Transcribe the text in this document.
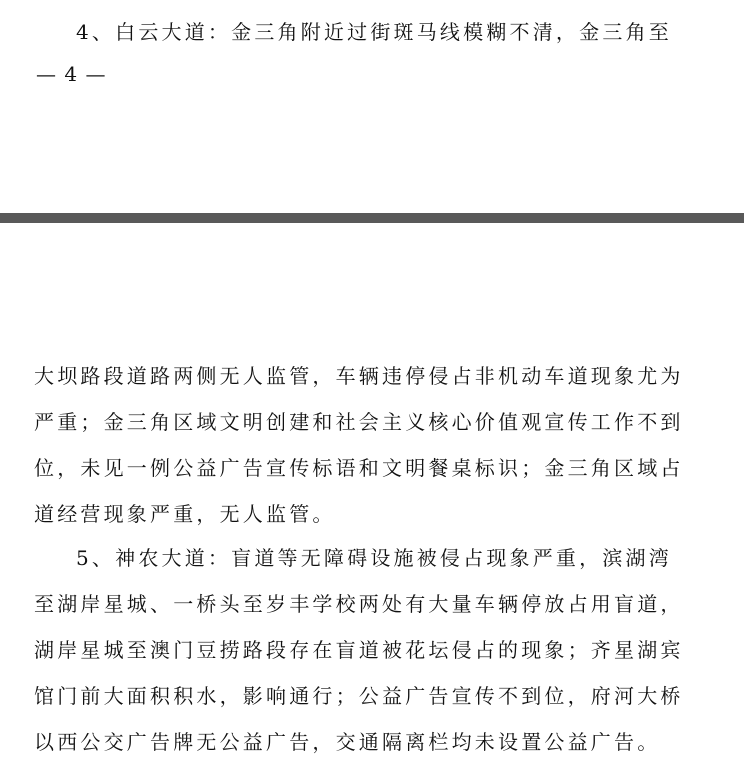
4、白云大道：金三角附近过街斑马线模糊不清，金三角至
— 4 —
大坝路段道路两侧无人监管，车辆违停侵占非机动车道现象尤为
严重；金三角区域文明创建和社会主义核心价值观宣传工作不到
位，未见一例公益广告宣传标语和文明餐桌标识；金三角区域占
道经营现象严重，无人监管。
5、神农大道：盲道等无障碍设施被侵占现象严重，滨湖湾
至湖岸星城、一桥头至岁丰学校两处有大量车辆停放占用盲道，
湖岸星城至澳门豆捞路段存在盲道被花坛侵占的现象；齐星湖宾
馆门前大面积积水，影响通行；公益广告宣传不到位，府河大桥
以西公交广告牌无公益广告，交通隔离栏均未设置公益广告。
